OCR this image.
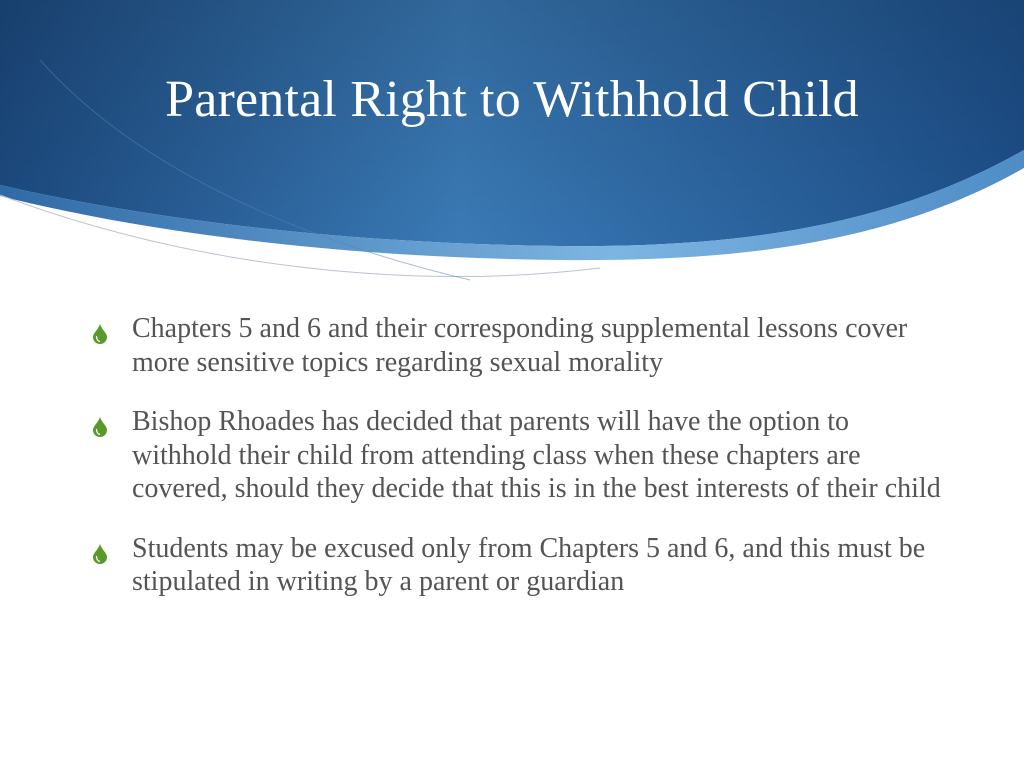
Parental Right to Withhold Child
Chapters 5 and 6 and their corresponding supplemental lessons cover more sensitive topics regarding sexual morality
Bishop Rhoades has decided that parents will have the option to withhold their child from attending class when these chapters are covered, should they decide that this is in the best interests of their child
Students may be excused only from Chapters 5 and 6, and this must be stipulated in writing by a parent or guardian
